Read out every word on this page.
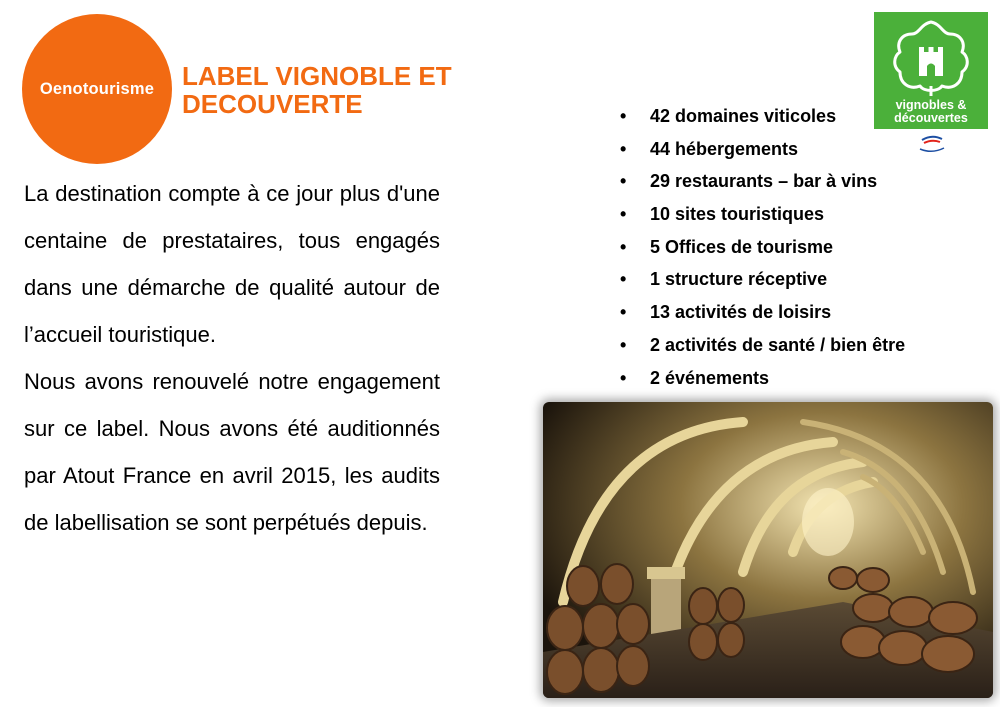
Oenotourisme LABEL VIGNOBLE ET
DECOUVERTE

La destination compte à ce jour plus d'une centaine de prestataires, tous engagés dans une démarche de qualité autour de l’accueil touristique.

Nous avons renouvelé notre engagement sur ce label. Nous avons été auditionnés par Atout France en avril 2015, les audits de labellisation se sont perpétués depuis.

vignobles &
découvertes
• 42 domaines viticoles
• 44 hébergements
• 29 restaurants – bar à vins
• 10 sites touristiques
• 5 Offices de tourisme
• 1 structure réceptive
• 13 activités de loisirs
• 2 activités de santé / bien être
• 2 événements
